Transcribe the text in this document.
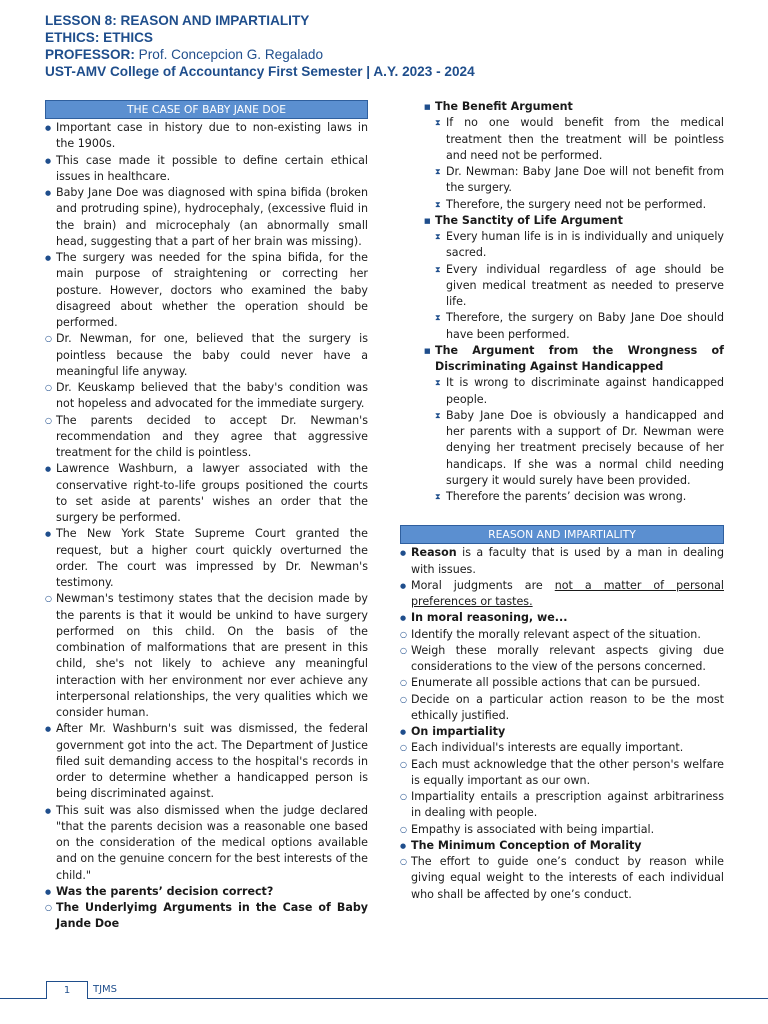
LESSON 8: REASON AND IMPARTIALITY
ETHICS: ETHICS
PROFESSOR: Prof. Concepcion G. Regalado
UST-AMV College of Accountancy First Semester | A.Y. 2023 - 2024
THE CASE OF BABY JANE DOE
● Important case in history due to non-existing laws in the 1900s.
● This case made it possible to define certain ethical issues in healthcare.
● Baby Jane Doe was diagnosed with spina bifida (broken and protruding spine), hydrocephaly, (excessive fluid in the brain) and microcephaly (an abnormally small head, suggesting that a part of her brain was missing).
● The surgery was needed for the spina bifida, for the main purpose of straightening or correcting her posture. However, doctors who examined the baby disagreed about whether the operation should be performed.
○ Dr. Newman, for one, believed that the surgery is pointless because the baby could never have a meaningful life anyway.
○ Dr. Keuskamp believed that the baby's condition was not hopeless and advocated for the immediate surgery.
○ The parents decided to accept Dr. Newman's recommendation and they agree that aggressive treatment for the child is pointless.
● Lawrence Washburn, a lawyer associated with the conservative right-to-life groups positioned the courts to set aside at parents' wishes an order that the surgery be performed.
● The New York State Supreme Court granted the request, but a higher court quickly overturned the order. The court was impressed by Dr. Newman's testimony.
○ Newman's testimony states that the decision made by the parents is that it would be unkind to have surgery performed on this child. On the basis of the combination of malformations that are present in this child, she's not likely to achieve any meaningful interaction with her environment nor ever achieve any interpersonal relationships, the very qualities which we consider human.
● After Mr. Washburn's suit was dismissed, the federal government got into the act. The Department of Justice filed suit demanding access to the hospital's records in order to determine whether a handicapped person is being discriminated against.
● This suit was also dismissed when the judge declared "that the parents decision was a reasonable one based on the consideration of the medical options available and on the genuine concern for the best interests of the child."
● Was the parents’ decision correct?
○ The Underlyimg Arguments in the Case of Baby Jande Doe
■ The Benefit Argument
⧗ If no one would benefit from the medical treatment then the treatment will be pointless and need not be performed.
⧗ Dr. Newman: Baby Jane Doe will not benefit from the surgery.
⧗ Therefore, the surgery need not be performed.
■ The Sanctity of Life Argument
⧗ Every human life is in is individually and uniquely sacred.
⧗ Every individual regardless of age should be given medical treatment as needed to preserve life.
⧗ Therefore, the surgery on Baby Jane Doe should have been performed.
■ The Argument from the Wrongness of Discriminating Against Handicapped
⧗ It is wrong to discriminate against handicapped people.
⧗ Baby Jane Doe is obviously a handicapped and her parents with a support of Dr. Newman were denying her treatment precisely because of her handicaps. If she was a normal child needing surgery it would surely have been provided.
⧗ Therefore the parents’ decision was wrong.
REASON AND IMPARTIALITY
● Reason is a faculty that is used by a man in dealing with issues.
● Moral judgments are not a matter of personal preferences or tastes.
● In moral reasoning, we...
○ Identify the morally relevant aspect of the situation.
○ Weigh these morally relevant aspects giving due considerations to the view of the persons concerned.
○ Enumerate all possible actions that can be pursued.
○ Decide on a particular action reason to be the most ethically justified.
● On impartiality
○ Each individual's interests are equally important.
○ Each must acknowledge that the other person's welfare is equally important as our own.
○ Impartiality entails a prescription against arbitrariness in dealing with people.
○ Empathy is associated with being impartial.
● The Minimum Conception of Morality
○ The effort to guide one’s conduct by reason while giving equal weight to the interests of each individual who shall be affected by one’s conduct.
1	TJMS
